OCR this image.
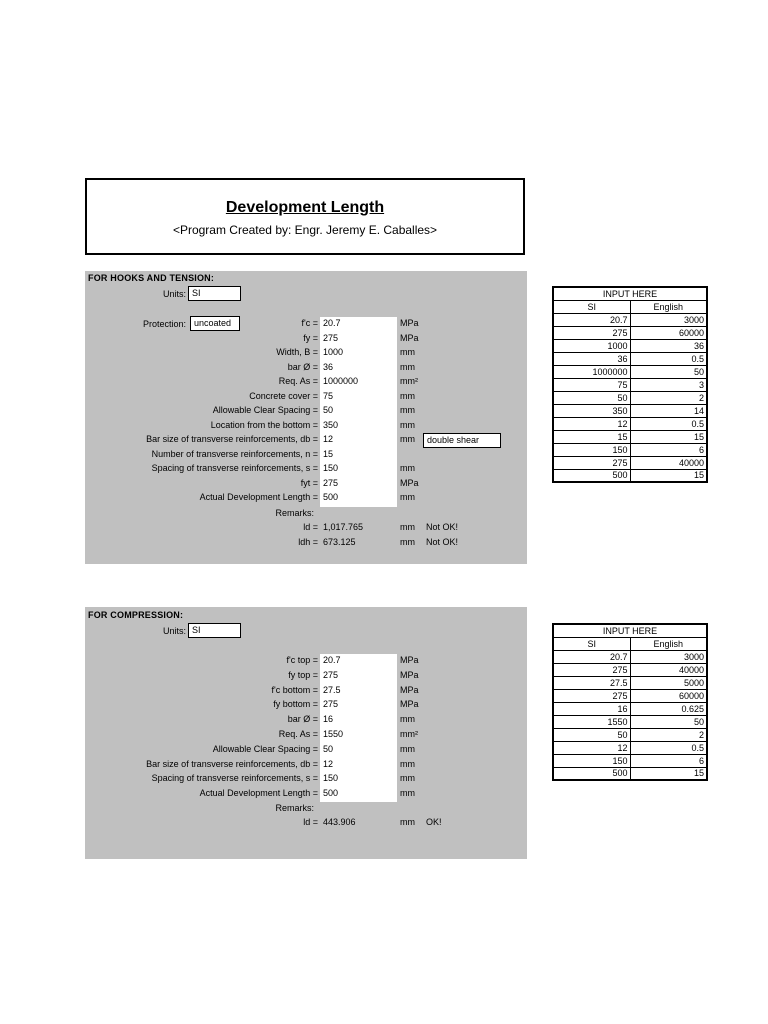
Development Length
<Program Created by: Engr. Jeremy E. Caballes>
FOR HOOKS AND TENSION:
Units: SI
Protection: uncoated
double shear
f'c = 20.7	MPa
fy = 275	MPa
Width, B = 1000	mm
bar Ø = 36	mm
Req. As = 1000000	mm²
Concrete cover = 75	mm
Allowable Clear Spacing = 50	mm
Location from the bottom = 350	mm
Bar size of transverse reinforcements, db = 12	mm
Number of transverse reinforcements, n = 15
Spacing of transverse reinforcements, s = 150	mm
fyt = 275	MPa
Actual Development Length = 500	mm
Remarks:
ld = 1,017.765	mm Not OK!
ldh = 673.125	mm Not OK!
INPUT HERE	
SI	English
20.7	3000
275	60000
1000	36
36	0.5
1000000	50
75	3
50	2
350	14
12	0.5
15	15
150	6
275	40000
500	15
FOR COMPRESSION:
Units: SI
f'c top = 20.7	MPa
fy top = 275	MPa
f'c bottom = 27.5	MPa
fy bottom = 275	MPa
bar Ø = 16	mm
Req. As = 1550	mm²
Allowable Clear Spacing = 50	mm
Bar size of transverse reinforcements, db = 12	mm
Spacing of transverse reinforcements, s = 150	mm
Actual Development Length = 500	mm
Remarks:
ld = 443.906	mm OK!
INPUT HERE	
SI	English
20.7	3000
275	40000
27.5	5000
275	60000
16	0.625
1550	50
50	2
12	0.5
150	6
500	15
